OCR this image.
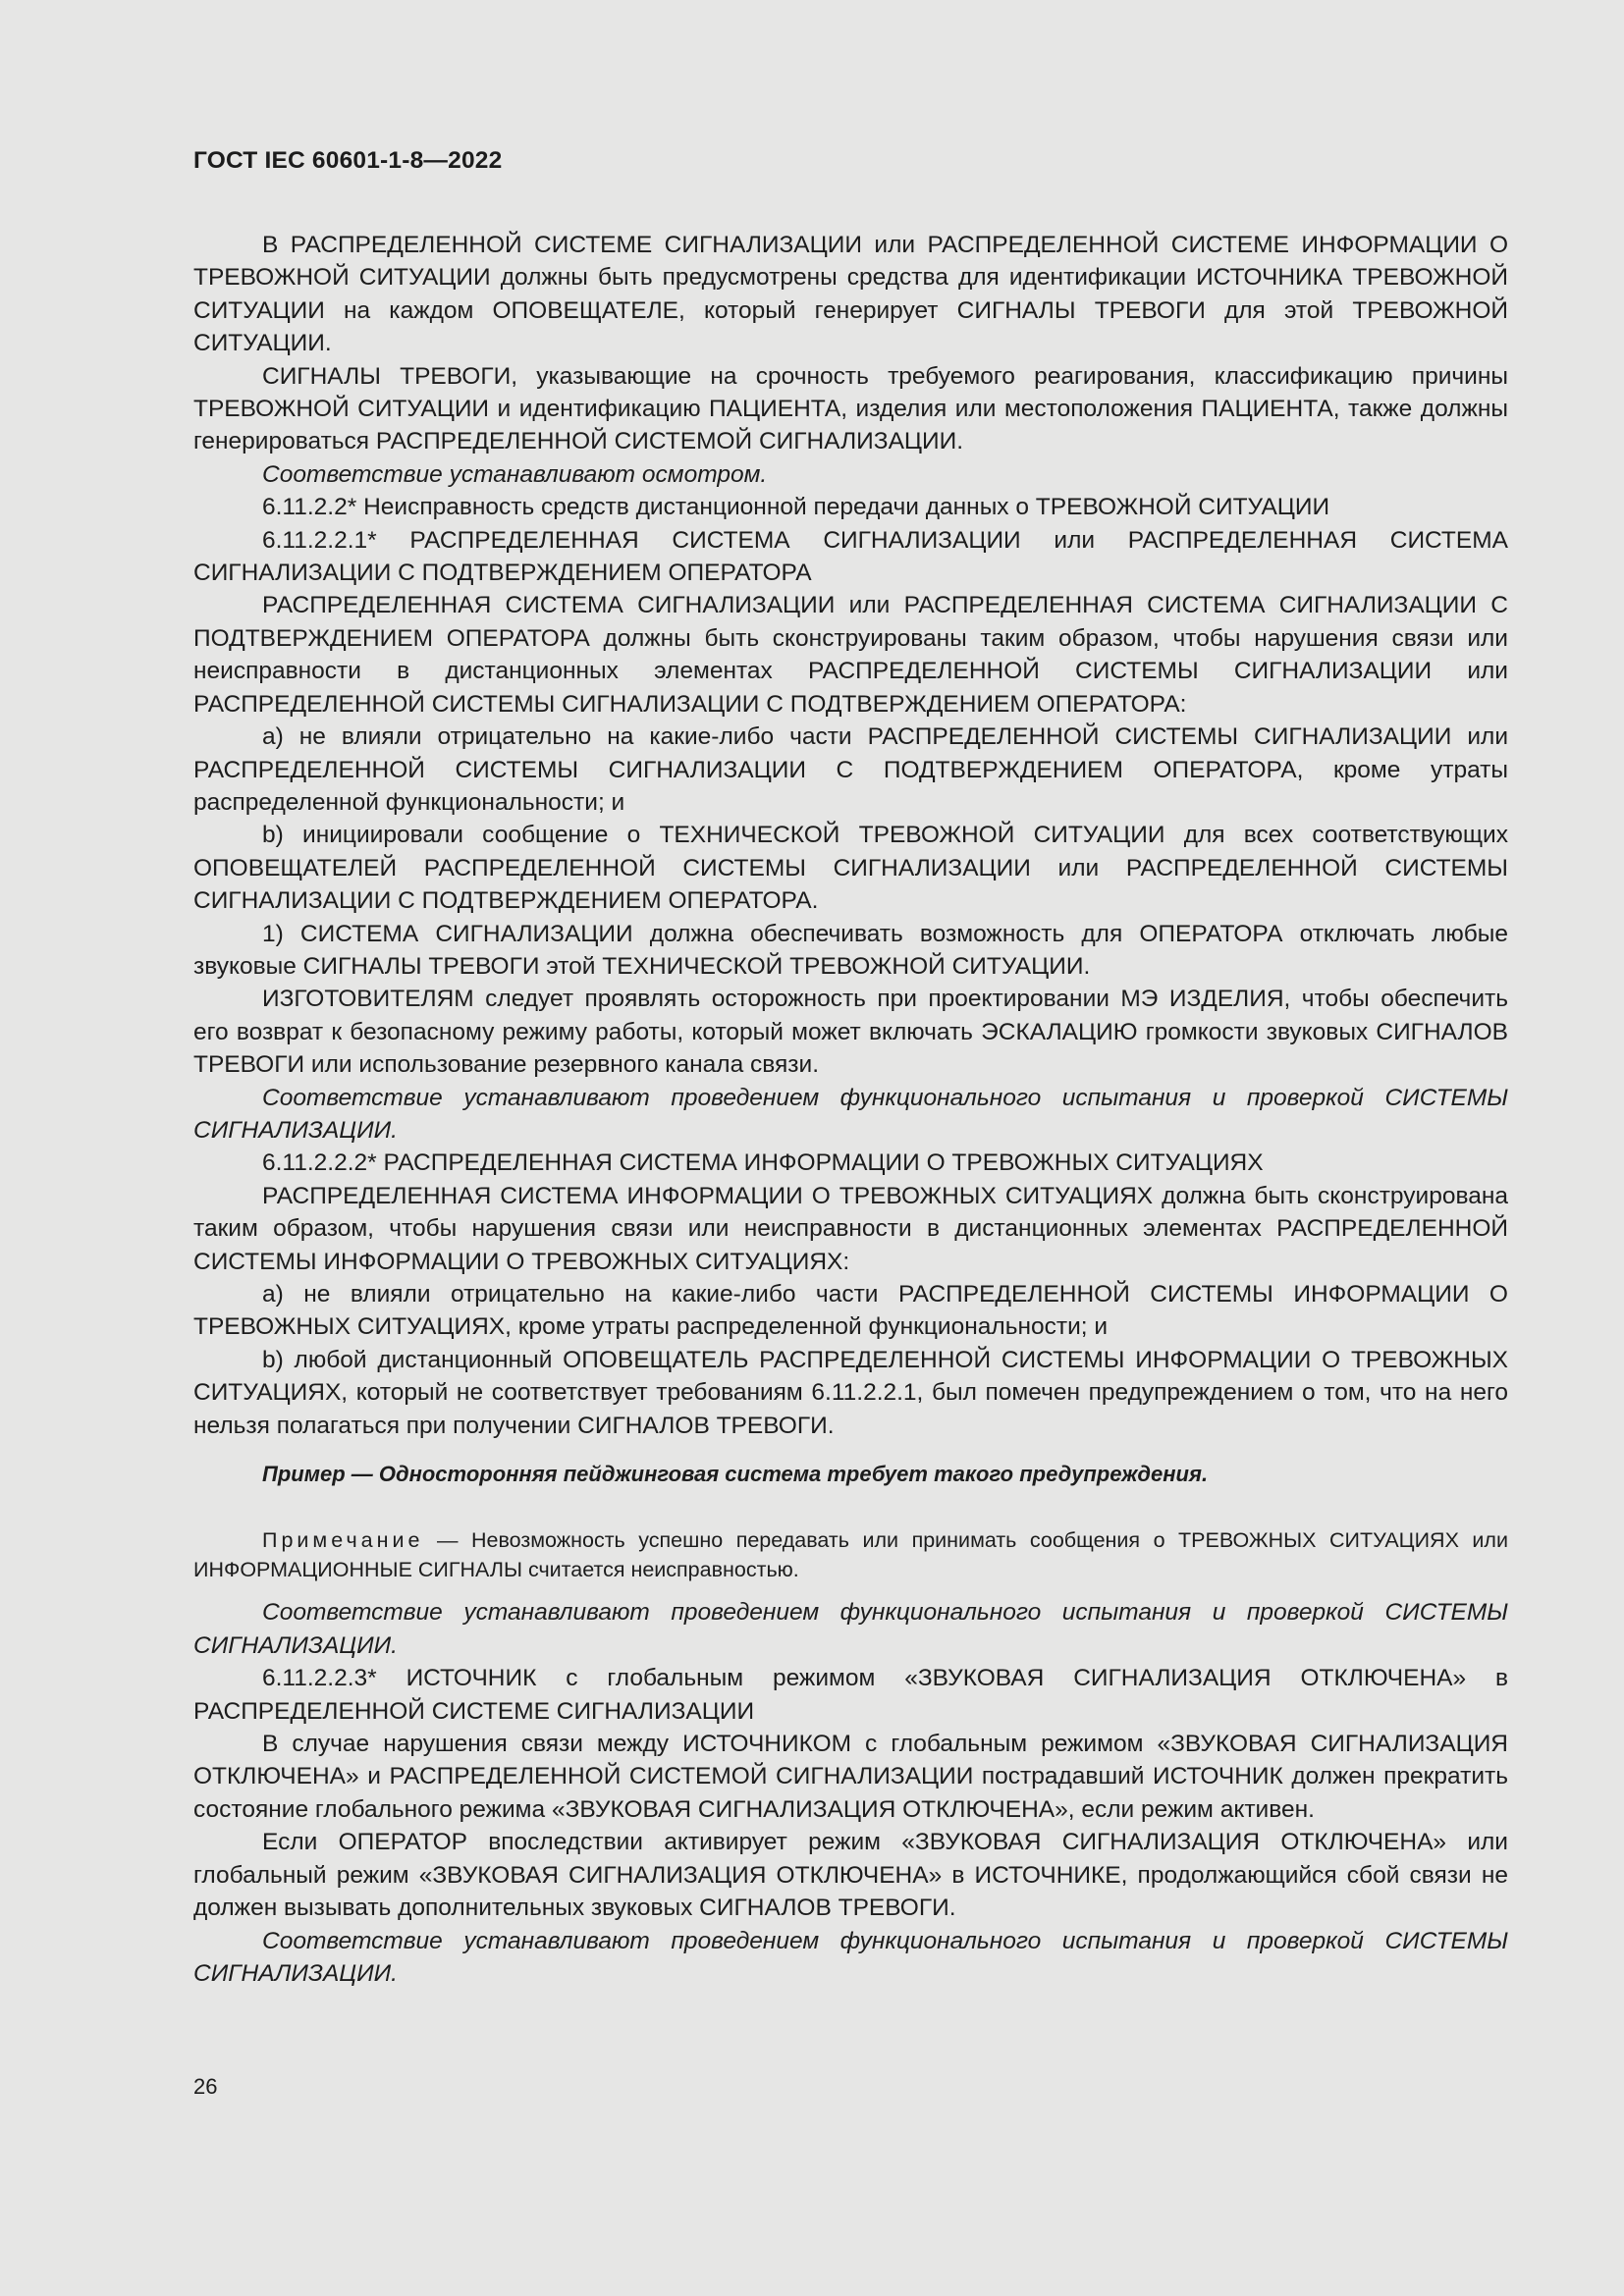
ГОСТ IEC 60601-1-8—2022

В РАСПРЕДЕЛЕННОЙ СИСТЕМЕ СИГНАЛИЗАЦИИ или РАСПРЕДЕЛЕННОЙ СИСТЕМЕ ИНФОРМАЦИИ О ТРЕВОЖНОЙ СИТУАЦИИ должны быть предусмотрены средства для идентификации ИСТОЧНИКА ТРЕВОЖНОЙ СИТУАЦИИ на каждом ОПОВЕЩАТЕЛЕ, который генерирует СИГНАЛЫ ТРЕВОГИ для этой ТРЕВОЖНОЙ СИТУАЦИИ.

СИГНАЛЫ ТРЕВОГИ, указывающие на срочность требуемого реагирования, классификацию причины ТРЕВОЖНОЙ СИТУАЦИИ и идентификацию ПАЦИЕНТА, изделия или местоположения ПАЦИЕНТА, также должны генерироваться РАСПРЕДЕЛЕННОЙ СИСТЕМОЙ СИГНАЛИЗАЦИИ.

Соответствие устанавливают осмотром.

6.11.2.2* Неисправность средств дистанционной передачи данных о ТРЕВОЖНОЙ СИТУАЦИИ

6.11.2.2.1* РАСПРЕДЕЛЕННАЯ СИСТЕМА СИГНАЛИЗАЦИИ или РАСПРЕДЕЛЕННАЯ СИСТЕМА СИГНАЛИЗАЦИИ С ПОДТВЕРЖДЕНИЕМ ОПЕРАТОРА

РАСПРЕДЕЛЕННАЯ СИСТЕМА СИГНАЛИЗАЦИИ или РАСПРЕДЕЛЕННАЯ СИСТЕМА СИГНАЛИЗАЦИИ С ПОДТВЕРЖДЕНИЕМ ОПЕРАТОРА должны быть сконструированы таким образом, чтобы нарушения связи или неисправности в дистанционных элементах РАСПРЕДЕЛЕННОЙ СИСТЕМЫ СИГНАЛИЗАЦИИ или РАСПРЕДЕЛЕННОЙ СИСТЕМЫ СИГНАЛИЗАЦИИ С ПОДТВЕРЖДЕНИЕМ ОПЕРАТОРА:

a) не влияли отрицательно на какие-либо части РАСПРЕДЕЛЕННОЙ СИСТЕМЫ СИГНАЛИЗАЦИИ или РАСПРЕДЕЛЕННОЙ СИСТЕМЫ СИГНАЛИЗАЦИИ С ПОДТВЕРЖДЕНИЕМ ОПЕРАТОРА, кроме утраты распределенной функциональности; и

b) инициировали сообщение о ТЕХНИЧЕСКОЙ ТРЕВОЖНОЙ СИТУАЦИИ для всех соответствующих ОПОВЕЩАТЕЛЕЙ РАСПРЕДЕЛЕННОЙ СИСТЕМЫ СИГНАЛИЗАЦИИ или РАСПРЕДЕЛЕННОЙ СИСТЕМЫ СИГНАЛИЗАЦИИ С ПОДТВЕРЖДЕНИЕМ ОПЕРАТОРА.

1) СИСТЕМА СИГНАЛИЗАЦИИ должна обеспечивать возможность для ОПЕРАТОРА отключать любые звуковые СИГНАЛЫ ТРЕВОГИ этой ТЕХНИЧЕСКОЙ ТРЕВОЖНОЙ СИТУАЦИИ.

ИЗГОТОВИТЕЛЯМ следует проявлять осторожность при проектировании МЭ ИЗДЕЛИЯ, чтобы обеспечить его возврат к безопасному режиму работы, который может включать ЭСКАЛАЦИЮ громкости звуковых СИГНАЛОВ ТРЕВОГИ или использование резервного канала связи.

Соответствие устанавливают проведением функционального испытания и проверкой СИСТЕМЫ СИГНАЛИЗАЦИИ.

6.11.2.2.2* РАСПРЕДЕЛЕННАЯ СИСТЕМА ИНФОРМАЦИИ О ТРЕВОЖНЫХ СИТУАЦИЯХ

РАСПРЕДЕЛЕННАЯ СИСТЕМА ИНФОРМАЦИИ О ТРЕВОЖНЫХ СИТУАЦИЯХ должна быть сконструирована таким образом, чтобы нарушения связи или неисправности в дистанционных элементах РАСПРЕДЕЛЕННОЙ СИСТЕМЫ ИНФОРМАЦИИ О ТРЕВОЖНЫХ СИТУАЦИЯХ:

a) не влияли отрицательно на какие-либо части РАСПРЕДЕЛЕННОЙ СИСТЕМЫ ИНФОРМАЦИИ О ТРЕВОЖНЫХ СИТУАЦИЯХ, кроме утраты распределенной функциональности; и

b) любой дистанционный ОПОВЕЩАТЕЛЬ РАСПРЕДЕЛЕННОЙ СИСТЕМЫ ИНФОРМАЦИИ О ТРЕВОЖНЫХ СИТУАЦИЯХ, который не соответствует требованиям 6.11.2.2.1, был помечен предупреждением о том, что на него нельзя полагаться при получении СИГНАЛОВ ТРЕВОГИ.

Пример — Односторонняя пейджинговая система требует такого предупреждения.

Примечание — Невозможность успешно передавать или принимать сообщения о ТРЕВОЖНЫХ СИТУАЦИЯХ или ИНФОРМАЦИОННЫЕ СИГНАЛЫ считается неисправностью.

Соответствие устанавливают проведением функционального испытания и проверкой СИСТЕМЫ СИГНАЛИЗАЦИИ.

6.11.2.2.3* ИСТОЧНИК с глобальным режимом «ЗВУКОВАЯ СИГНАЛИЗАЦИЯ ОТКЛЮЧЕНА» в РАСПРЕДЕЛЕННОЙ СИСТЕМЕ СИГНАЛИЗАЦИИ

В случае нарушения связи между ИСТОЧНИКОМ с глобальным режимом «ЗВУКОВАЯ СИГНАЛИЗАЦИЯ ОТКЛЮЧЕНА» и РАСПРЕДЕЛЕННОЙ СИСТЕМОЙ СИГНАЛИЗАЦИИ пострадавший ИСТОЧНИК должен прекратить состояние глобального режима «ЗВУКОВАЯ СИГНАЛИЗАЦИЯ ОТКЛЮЧЕНА», если режим активен.

Если ОПЕРАТОР впоследствии активирует режим «ЗВУКОВАЯ СИГНАЛИЗАЦИЯ ОТКЛЮЧЕНА» или глобальный режим «ЗВУКОВАЯ СИГНАЛИЗАЦИЯ ОТКЛЮЧЕНА» в ИСТОЧНИКЕ, продолжающийся сбой связи не должен вызывать дополнительных звуковых СИГНАЛОВ ТРЕВОГИ.

Соответствие устанавливают проведением функционального испытания и проверкой СИСТЕМЫ СИГНАЛИЗАЦИИ.

26
